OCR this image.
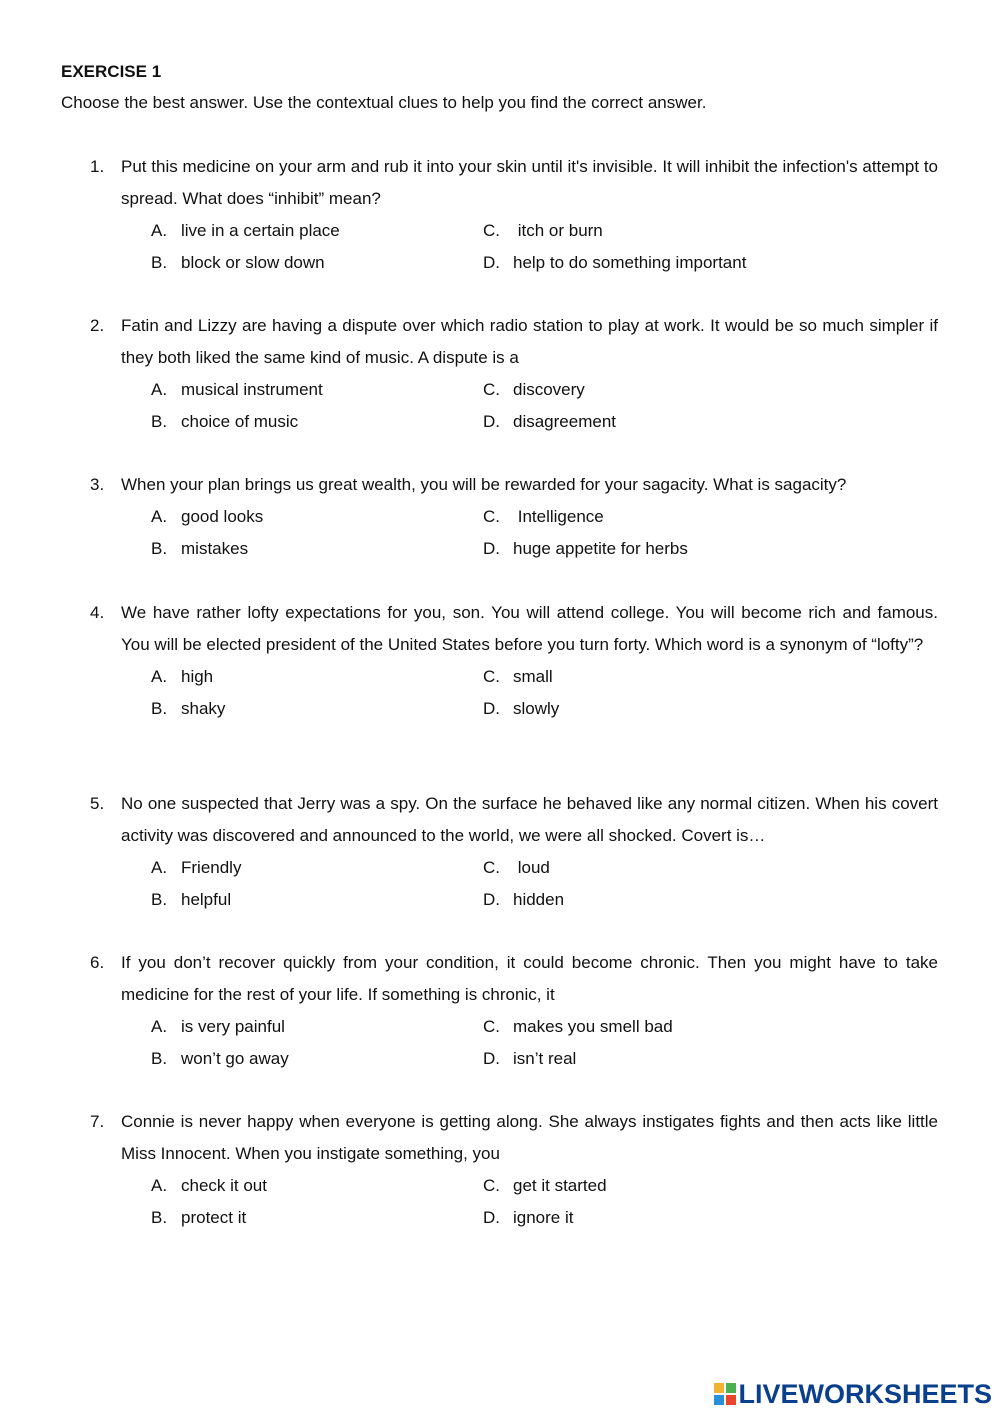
EXERCISE 1
Choose the best answer. Use the contextual clues to help you find the correct answer.
1. Put this medicine on your arm and rub it into your skin until it's invisible. It will inhibit the infection's attempt to spread. What does “inhibit” mean?
A. live in a certain place
B. block or slow down
C. itch or burn
D. help to do something important
2. Fatin and Lizzy are having a dispute over which radio station to play at work. It would be so much simpler if they both liked the same kind of music. A dispute is a
A. musical instrument
B. choice of music
C. discovery
D. disagreement
3. When your plan brings us great wealth, you will be rewarded for your sagacity. What is sagacity?
A. good looks
B. mistakes
C. Intelligence
D. huge appetite for herbs
4. We have rather lofty expectations for you, son. You will attend college. You will become rich and famous. You will be elected president of the United States before you turn forty. Which word is a synonym of “lofty”?
A. high
B. shaky
C. small
D. slowly
5. No one suspected that Jerry was a spy. On the surface he behaved like any normal citizen. When his covert activity was discovered and announced to the world, we were all shocked. Covert is…
A. Friendly
B. helpful
C. loud
D. hidden
6. If you don’t recover quickly from your condition, it could become chronic. Then you might have to take medicine for the rest of your life. If something is chronic, it
A. is very painful
B. won’t go away
C. makes you smell bad
D. isn’t real
7. Connie is never happy when everyone is getting along. She always instigates fights and then acts like little Miss Innocent. When you instigate something, you
A. check it out
B. protect it
C. get it started
D. ignore it
LIVEWORKSHEETS
